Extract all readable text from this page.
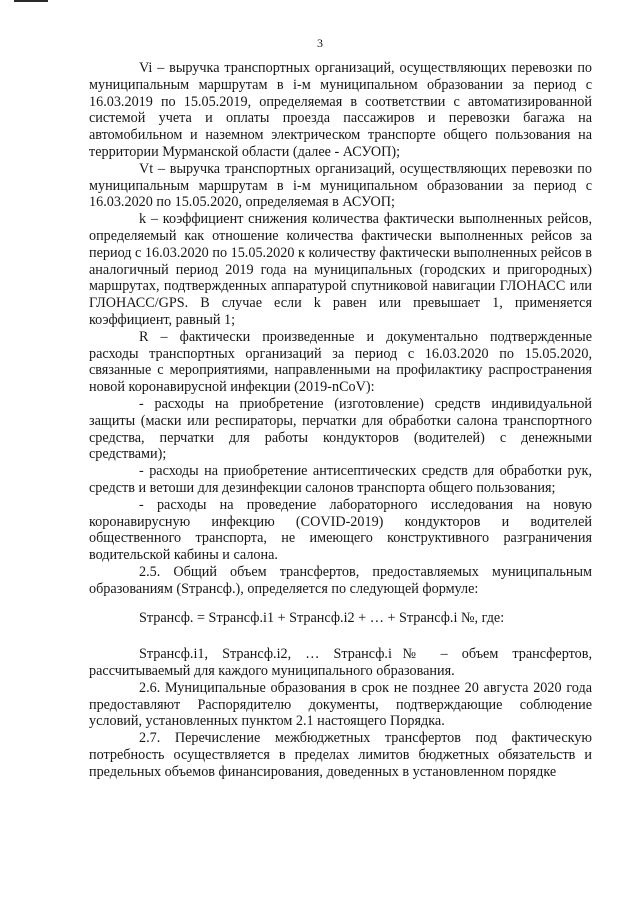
3

Vi – выручка транспортных организаций, осуществляющих перевозки по муниципальным маршрутам в i-м муниципальном образовании за период с 16.03.2019 по 15.05.2019, определяемая в соответствии с автоматизированной системой учета и оплаты проезда пассажиров и перевозки багажа на автомобильном и наземном электрическом транспорте общего пользования на территории Мурманской области (далее - АСУОП);

Vt – выручка транспортных организаций, осуществляющих перевозки по муниципальным маршрутам в i-м муниципальном образовании за период с 16.03.2020 по 15.05.2020, определяемая в АСУОП;

k – коэффициент снижения количества фактически выполненных рейсов, определяемый как отношение количества фактически выполненных рейсов за период с 16.03.2020 по 15.05.2020 к количеству фактически выполненных рейсов в аналогичный период 2019 года на муниципальных (городских и пригородных) маршрутах, подтвержденных аппаратурой спутниковой навигации ГЛОНАСС или ГЛОНАСС/GPS. В случае если k равен или превышает 1, применяется коэффициент, равный 1;

R – фактически произведенные и документально подтвержденные расходы транспортных организаций за период с 16.03.2020 по 15.05.2020, связанные с мероприятиями, направленными на профилактику распространения новой коронавирусной инфекции (2019-nCoV):

- расходы на приобретение (изготовление) средств индивидуальной защиты (маски или респираторы, перчатки для обработки салона транспортного средства, перчатки для работы кондукторов (водителей) с денежными средствами);

- расходы на приобретение антисептических средств для обработки рук, средств и ветоши для дезинфекции салонов транспорта общего пользования;

- расходы на проведение лабораторного исследования на новую коронавирусную инфекцию (COVID-2019) кондукторов и водителей общественного транспорта, не имеющего конструктивного разграничения водительской кабины и салона.

2.5. Общий объем трансфертов, предоставляемых муниципальным образованиям (Sтрансф.), определяется по следующей формуле:

Sтрансф. = Sтрансф.i1 + Sтрансф.i2 + … + Sтрансф.i №, где:

Sтрансф.i1, Sтрансф.i2, … Sтрансф.i№ – объем трансфертов, рассчитываемый для каждого муниципального образования.

2.6. Муниципальные образования в срок не позднее 20 августа 2020 года предоставляют Распорядителю документы, подтверждающие соблюдение условий, установленных пунктом 2.1 настоящего Порядка.

2.7. Перечисление межбюджетных трансфертов под фактическую потребность осуществляется в пределах лимитов бюджетных обязательств и предельных объемов финансирования, доведенных в установленном порядке
